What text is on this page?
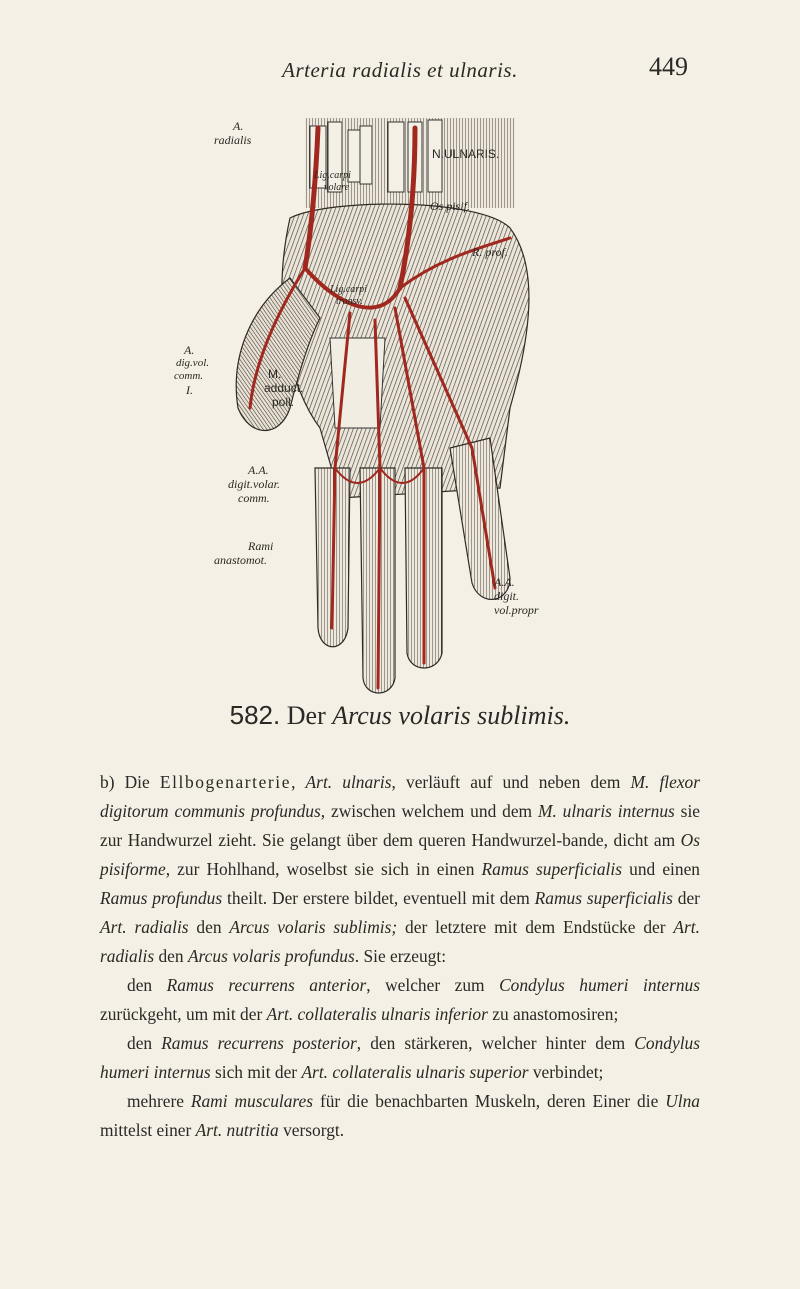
Arteria radialis et ulnaris.	449
A.
radialis
N.ULNARIS.
Lig.carpi
volare
Os pisif.
R. prof.
Lig.carpi
transv.
A.
dig.vol.
comm.
I.
M.
adduct.
poll.
A.A.
digit.volar.
comm.
Rami
anastomot.
A.A.
digit.
vol.propr
582. Der Arcus volaris sublimis.

b) Die Ellbogenarterie, Art. ulnaris, verläuft auf und neben dem M. flexor digitorum communis profundus, zwischen welchem und dem M. ulnaris internus sie zur Handwurzel zieht. Sie gelangt über dem queren Handwurzel-bande, dicht am Os pisiforme, zur Hohlhand, woselbst sie sich in einen Ramus superficialis und einen Ramus profundus theilt. Der erstere bildet, eventuell mit dem Ramus superficialis der Art. radialis den Arcus volaris sublimis; der letztere mit dem Endstücke der Art. radialis den Arcus volaris profundus. Sie erzeugt:

den Ramus recurrens anterior, welcher zum Condylus humeri internus zurückgeht, um mit der Art. collateralis ulnaris inferior zu anastomosiren;

den Ramus recurrens posterior, den stärkeren, welcher hinter dem Condylus humeri internus sich mit der Art. collateralis ulnaris superior verbindet;

mehrere Rami musculares für die benachbarten Muskeln, deren Einer die Ulna mittelst einer Art. nutritia versorgt.
